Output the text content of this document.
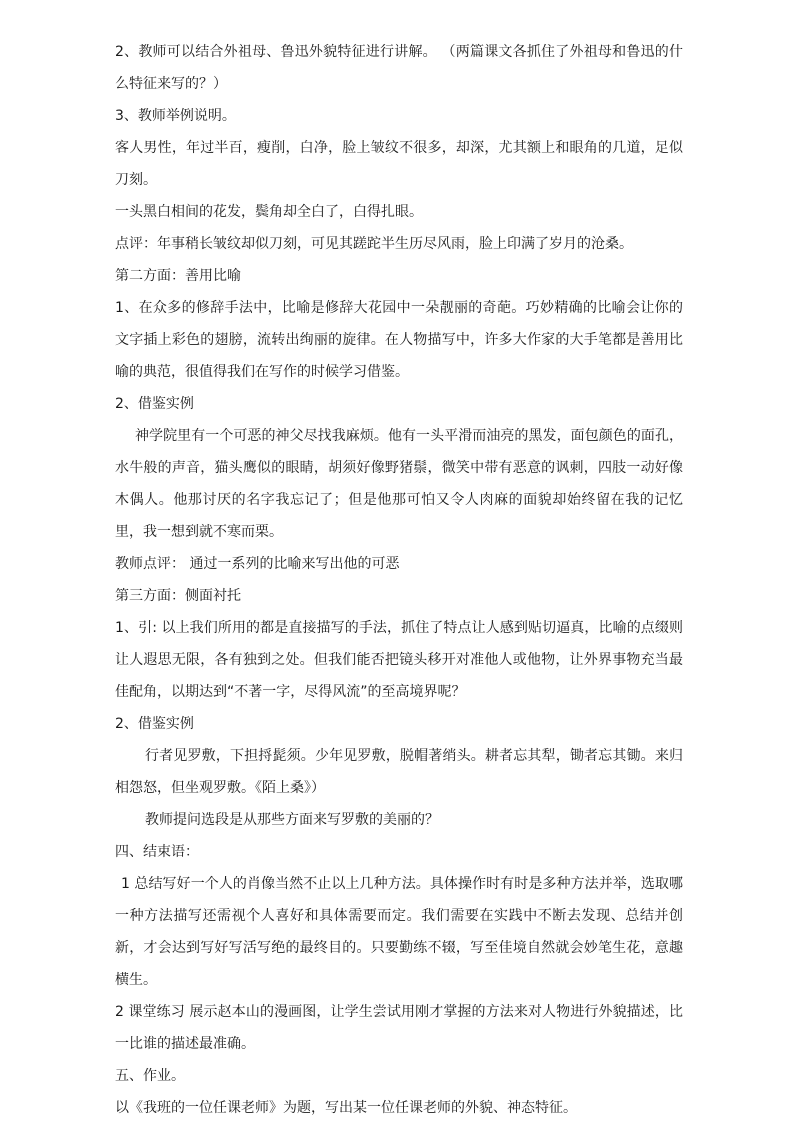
2、教师可以结合外祖母、鲁迅外貌特征进行讲解。 （两篇课文各抓住了外祖母和鲁迅的什么特征来写的？）

3、教师举例说明。

客人男性，年过半百，瘦削，白净，脸上皱纹不很多，却深，尤其额上和眼角的几道，足似刀刻。

一头黑白相间的花发，鬓角却全白了，白得扎眼。

点评：年事稍长皱纹却似刀刻，可见其蹉跎半生历尽风雨，脸上印满了岁月的沧桑。

第二方面：善用比喻

1、在众多的修辞手法中，比喻是修辞大花园中一朵靓丽的奇葩。巧妙精确的比喻会让你的文字插上彩色的翅膀，流转出绚丽的旋律。在人物描写中，许多大作家的大手笔都是善用比喻的典范，很值得我们在写作的时候学习借鉴。

2、借鉴实例

神学院里有一个可恶的神父尽找我麻烦。他有一头平滑而油亮的黑发，面包颜色的面孔，水牛般的声音，猫头鹰似的眼睛，胡须好像野猪鬃，微笑中带有恶意的讽刺，四肢一动好像木偶人。他那讨厌的名字我忘记了；但是他那可怕又令人肉麻的面貌却始终留在我的记忆里，我一想到就不寒而栗。

教师点评： 通过一系列的比喻来写出他的可恶

第三方面：侧面衬托

1、引: 以上我们所用的都是直接描写的手法，抓住了特点让人感到贴切逼真，比喻的点缀则让人遐思无限，各有独到之处。但我们能否把镜头移开对准他人或他物，让外界事物充当最佳配角，以期达到“不著一字，尽得风流”的至高境界呢？

2、借鉴实例

行者见罗敷，下担捋髭须。少年见罗敷，脱帽著绡头。耕者忘其犁，锄者忘其锄。来归相怨怒，但坐观罗敷。《陌上桑》）

教师提问选段是从那些方面来写罗敷的美丽的？

四、结束语：

1 总结写好一个人的肖像当然不止以上几种方法。具体操作时有时是多种方法并举，选取哪一种方法描写还需视个人喜好和具体需要而定。我们需要在实践中不断去发现、总结并创新，才会达到写好写活写绝的最终目的。只要勤练不辍，写至佳境自然就会妙笔生花，意趣横生。

2 课堂练习 展示赵本山的漫画图，让学生尝试用刚才掌握的方法来对人物进行外貌描述，比一比谁的描述最准确。

五、作业。

以《我班的一位任课老师》为题，写出某一位任课老师的外貌、神态特征。
